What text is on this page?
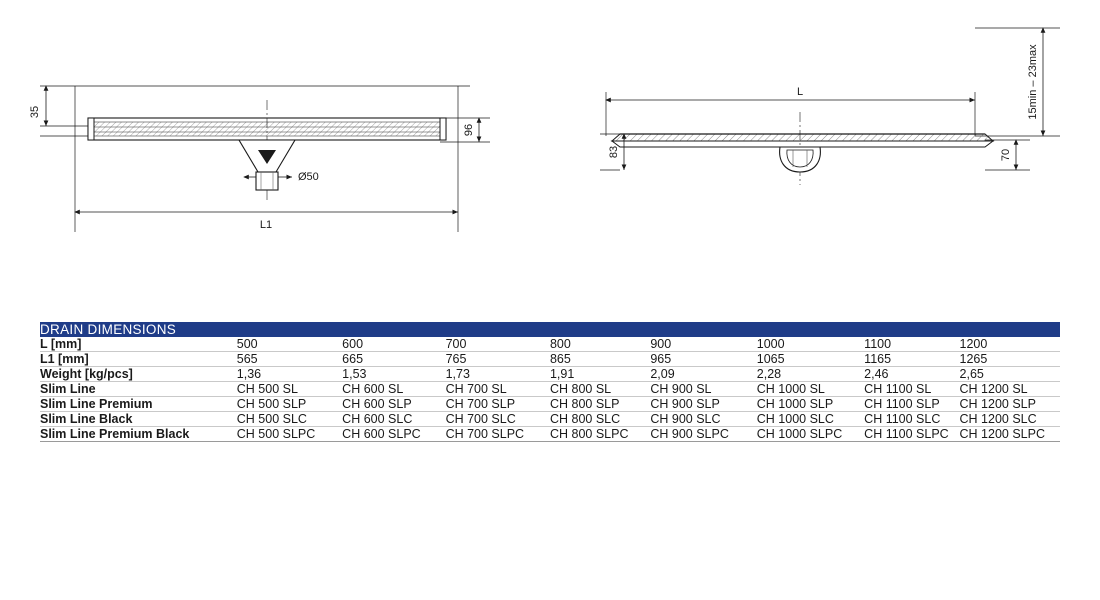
35
96
Ø50
L1
L	15min – 23max
83	70
DRAIN DIMENSIONS								
L [mm]	500	600	700	800	900	1000	1100	1200
L1 [mm]	565	665	765	865	965	1065	1165	1265
Weight [kg/pcs]	1,36	1,53	1,73	1,91	2,09	2,28	2,46	2,65
Slim Line	CH 500 SL	CH 600 SL	CH 700 SL	CH 800 SL	CH 900 SL	CH 1000 SL	CH 1100 SL	CH 1200 SL
Slim Line Premium	CH 500 SLP	CH 600 SLP	CH 700 SLP	CH 800 SLP	CH 900 SLP	CH 1000 SLP	CH 1100 SLP	CH 1200 SLP
Slim Line Black	CH 500 SLC	CH 600 SLC	CH 700 SLC	CH 800 SLC	CH 900 SLC	CH 1000 SLC	CH 1100 SLC	CH 1200 SLC
Slim Line Premium Black	CH 500 SLPC	CH 600 SLPC	CH 700 SLPC	CH 800 SLPC	CH 900 SLPC	CH 1000 SLPC	CH 1100 SLPC	CH 1200 SLPC
